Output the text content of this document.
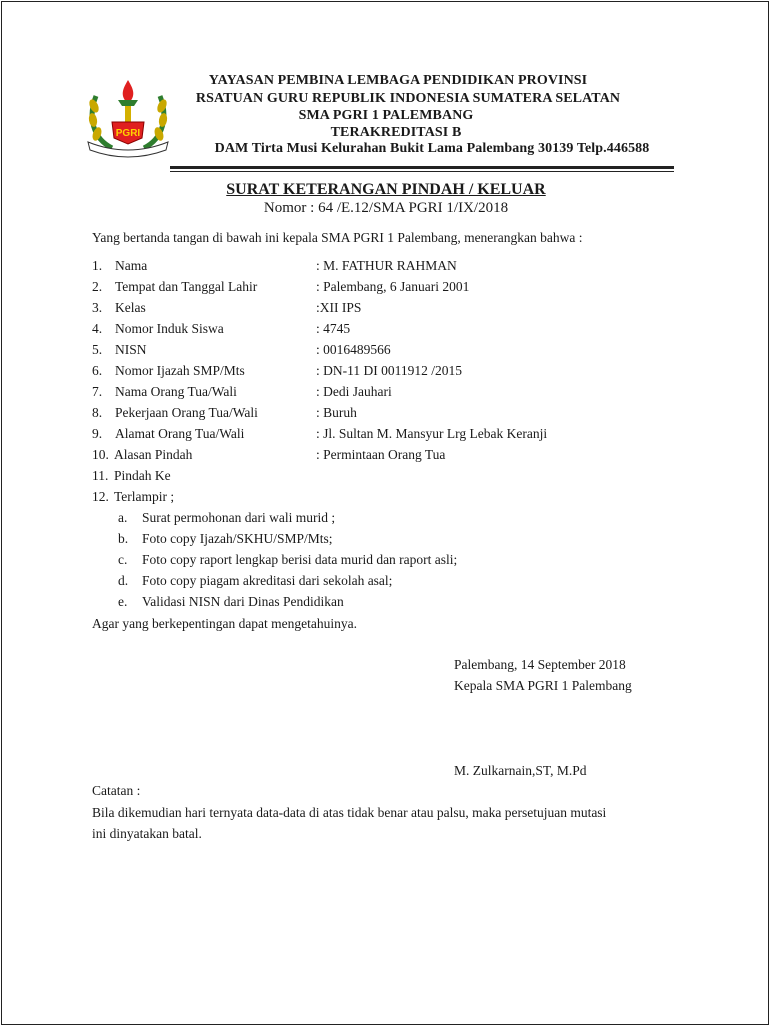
PGRI
YAYASAN PEMBINA LEMBAGA PENDIDIKAN PROVINSI
RSATUAN GURU REPUBLIK INDONESIA SUMATERA SELATAN
SMA PGRI 1 PALEMBANG
TERAKREDITASI B
DAM Tirta Musi Kelurahan Bukit Lama Palembang 30139 Telp.446588
SURAT KETERANGAN PINDAH / KELUAR
Nomor : 64 /E.12/SMA PGRI 1/IX/2018
Yang bertanda tangan di bawah ini kepala SMA PGRI 1 Palembang, menerangkan bahwa :
1. Nama	: M. FATHUR RAHMAN
2. Tempat dan Tanggal Lahir	: Palembang, 6 Januari 2001
3. Kelas	:XII IPS
4. Nomor Induk Siswa	: 4745
5. NISN	: 0016489566
6. Nomor Ijazah SMP/Mts	: DN-11 DI 0011912 /2015
7. Nama Orang Tua/Wali	: Dedi Jauhari
8. Pekerjaan Orang Tua/Wali	: Buruh
9. Alamat Orang Tua/Wali	: Jl. Sultan M. Mansyur Lrg Lebak Keranji
10. Alasan Pindah	: Permintaan Orang Tua
11. Pindah Ke
12. Terlampir ;
a. Surat permohonan dari wali murid ;
b. Foto copy Ijazah/SKHU/SMP/Mts;
c. Foto copy raport lengkap berisi data murid dan raport asli;
d. Foto copy piagam akreditasi dari sekolah asal;
e. Validasi NISN dari Dinas Pendidikan
Agar yang berkepentingan dapat mengetahuinya.
Palembang, 14 September 2018
Kepala SMA PGRI 1 Palembang
M. Zulkarnain,ST, M.Pd
Catatan :
Bila dikemudian hari ternyata data-data di atas tidak benar atau palsu, maka persetujuan mutasi
ini dinyatakan batal.
